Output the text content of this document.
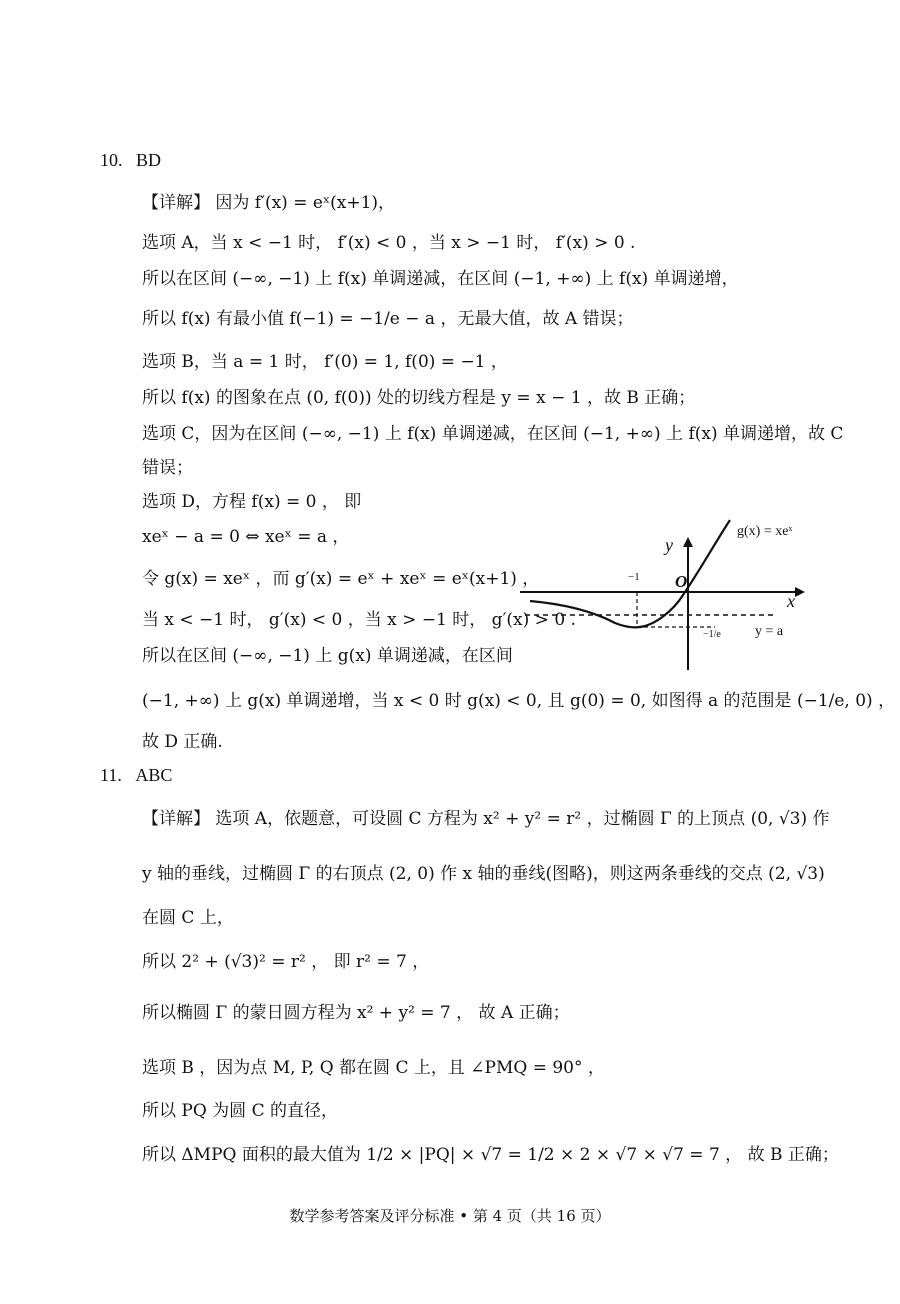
10. BD
【详解】 因为 f′(x) = eˣ(x+1)，
选项 A，当 x < −1 时， f′(x) < 0 ，当 x > −1 时， f′(x) > 0 .
所以在区间 (−∞, −1) 上 f(x) 单调递减，在区间 (−1, +∞) 上 f(x) 单调递增，
所以 f(x) 有最小值 f(−1) = −1/e − a ，无最大值，故 A 错误；
选项 B，当 a = 1 时， f′(0) = 1, f(0) = −1 ，
所以 f(x) 的图象在点 (0, f(0)) 处的切线方程是 y = x − 1 ，故 B 正确；
选项 C，因为在区间 (−∞, −1) 上 f(x) 单调递减，在区间 (−1, +∞) 上 f(x) 单调递增，故 C
错误；
选项 D，方程 f(x) = 0 ， 即
xeˣ − a = 0 ⇔ xeˣ = a ，
令 g(x) = xeˣ ，而 g′(x) = eˣ + xeˣ = eˣ(x+1) ，
当 x < −1 时， g′(x) < 0 ，当 x > −1 时， g′(x) > 0 .
所以在区间 (−∞, −1) 上 g(x) 单调递减，在区间
(−1, +∞) 上 g(x) 单调递增，当 x < 0 时 g(x) < 0, 且 g(0) = 0, 如图得 a 的范围是 (−1/e, 0) ，
故 D 正确.
g(x) = xeˣ
y
x
O
−1
−1/e y = a
11. ABC
【详解】 选项 A，依题意，可设圆 C 方程为 x² + y² = r² ，过椭圆 Γ 的上顶点 (0, √3) 作
y 轴的垂线，过椭圆 Γ 的右顶点 (2, 0) 作 x 轴的垂线(图略)，则这两条垂线的交点 (2, √3)
在圆 C 上，
所以 2² + (√3)² = r² ， 即 r² = 7 ，
所以椭圆 Γ 的蒙日圆方程为 x² + y² = 7 ， 故 A 正确；
选项 B ，因为点 M, P, Q 都在圆 C 上，且 ∠PMQ = 90° ，
所以 PQ 为圆 C 的直径，
所以 ΔMPQ 面积的最大值为 1/2 × |PQ| × √7 = 1/2 × 2 × √7 × √7 = 7 ， 故 B 正确；
数学参考答案及评分标准 • 第 4 页（共 16 页）
